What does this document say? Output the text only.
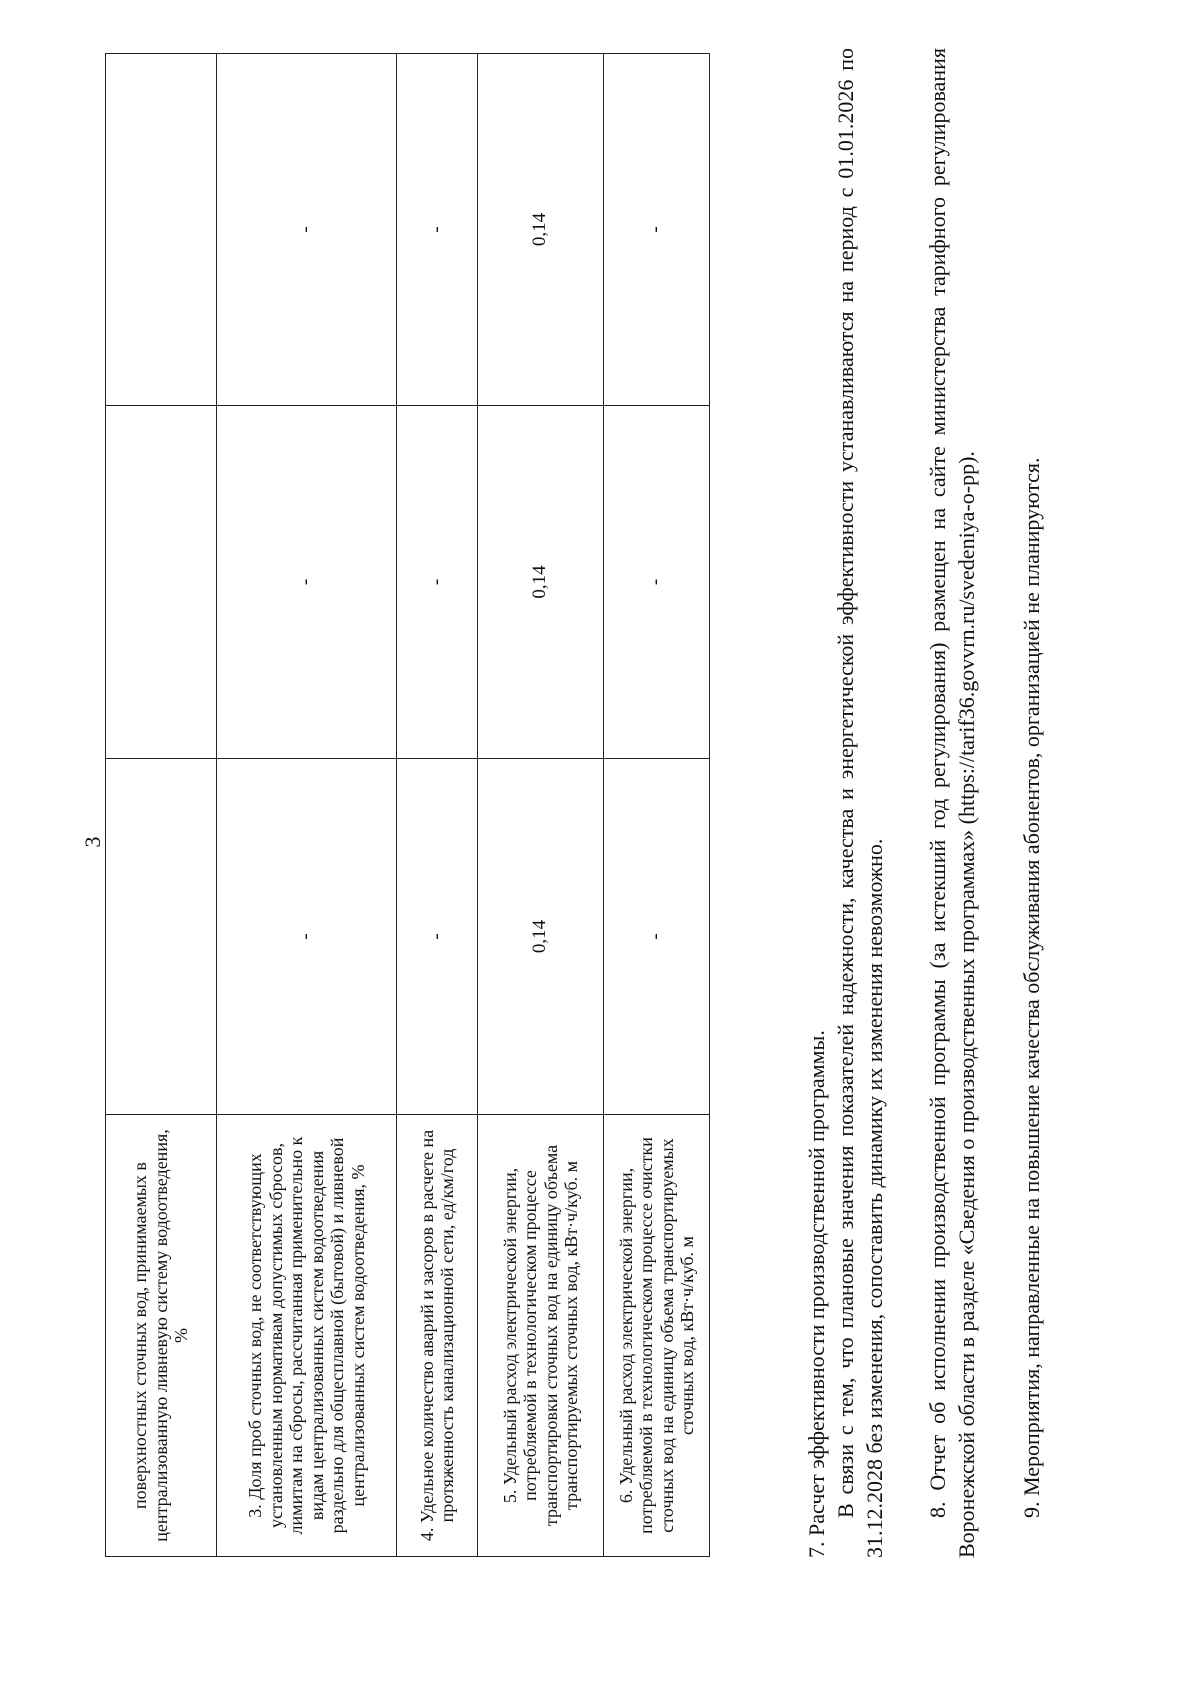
3
поверхностных сточных вод, принимаемых в централизованную ливневую систему водоотведения, %			
3. Доля проб сточных вод, не соответствующих установленным нормативам допустимых сбросов, лимитам на сбросы, рассчитанная применительно к видам централизованных систем водоотведения раздельно для общесплавной (бытовой) и ливневой централизованных систем водоотведения, %	-	-	-
4. Удельное количество аварий и засоров в расчете на протяженность канализационной сети, ед/км/год	-	-	-
5. Удельный расход электрической энергии, потребляемой в технологическом процессе транспортировки сточных вод на единицу объема транспортируемых сточных вод, кВт·ч/куб. м	0,14	0,14	0,14
6. Удельный расход электрической энергии, потребляемой в технологическом процессе очистки сточных вод на единицу объема транспортируемых сточных вод, кВт·ч/куб. м	-	-	-

7. Расчет эффективности производственной программы. В связи с тем, что плановые значения показателей надежности, качества и энергетической эффективности устанавливаются на период с 01.01.2026 по 31.12.2028 без изменения, сопоставить динамику их изменения невозможно. 8. Отчет об исполнении производственной программы (за истекший год регулирования) размещен на сайте министерства тарифного регулирования Воронежской области в разделе «Сведения о производственных программах» (https://tarif36.govvrn.ru/svedeniya-o-pp). 9. Мероприятия, направленные на повышение качества обслуживания абонентов, организацией не планируются.
